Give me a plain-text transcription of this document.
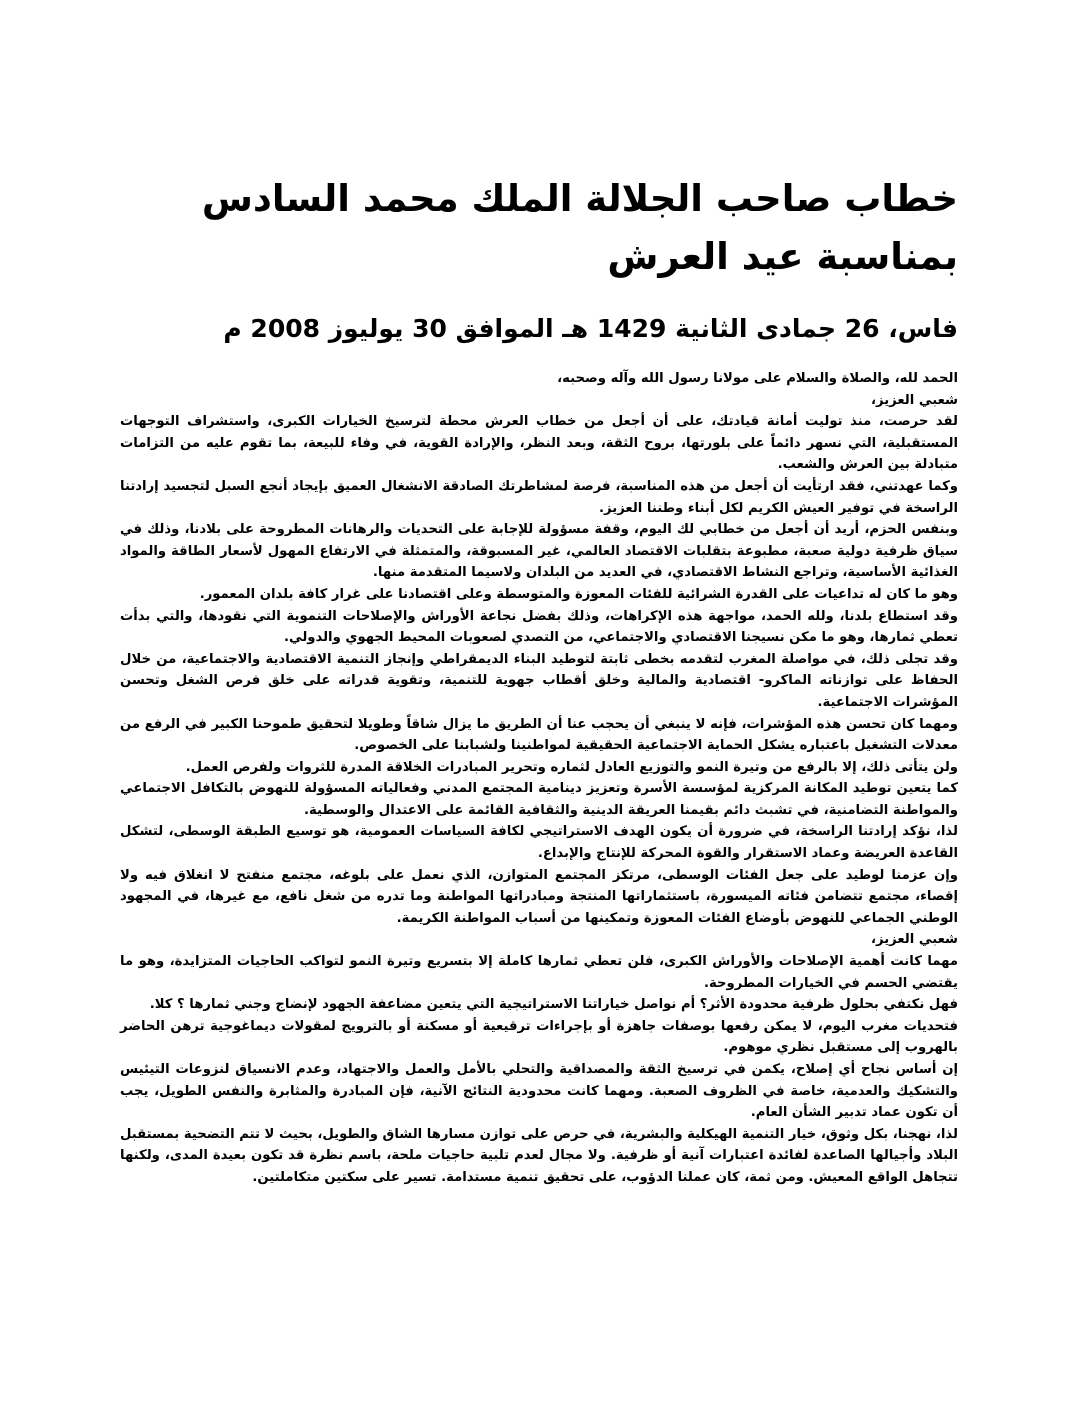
خطاب صاحب الجلالة الملك محمد السادس بمناسبة عيد العرش
فاس، 26 جمادى الثانية 1429 هـ الموافق 30 يوليوز 2008 م

الحمد لله، والصلاة والسلام على مولانا رسول الله وآله وصحبه،

شعبي العزيز،

لقد حرصت، منذ توليت أمانة قيادتك، على أن أجعل من خطاب العرش محطة لترسيخ الخيارات الكبرى، واستشراف التوجهات المستقبلية، التي نسهر دائماً على بلورتها، بروح الثقة، وبعد النظر، والإرادة القوية، في وفاء للبيعة، بما تقوم عليه من التزامات متبادلة بين العرش والشعب.

وكما عهدتني، فقد ارتأيت أن أجعل من هذه المناسبة، فرصة لمشاطرتك الصادقة الانشغال العميق بإيجاد أنجع السبل لتجسيد إرادتنا الراسخة في توفير العيش الكريم لكل أبناء وطننا العزيز.

وبنفس الحزم، أريد أن أجعل من خطابي لك اليوم، وقفة مسؤولة للإجابة على التحديات والرهانات المطروحة على بلادنا، وذلك في سياق ظرفية دولية صعبة، مطبوعة بتقلبات الاقتصاد العالمي، غير المسبوقة، والمتمثلة في الارتفاع المهول لأسعار الطاقة والمواد الغذائية الأساسية، وتراجع النشاط الاقتصادي، في العديد من البلدان ولاسيما المتقدمة منها.

وهو ما كان له تداعيات على القدرة الشرائية للفئات المعوزة والمتوسطة وعلى اقتصادنا على غرار كافة بلدان المعمور.

وقد استطاع بلدنا، ولله الحمد، مواجهة هذه الإكراهات، وذلك بفضل نجاعة الأوراش والإصلاحات التنموية التي نقودها، والتي بدأت تعطي ثمارها، وهو ما مكن نسيجنا الاقتصادي والاجتماعي، من التصدي لصعوبات المحيط الجهوي والدولي.

وقد تجلى ذلك، في مواصلة المغرب لتقدمه بخطى ثابتة لتوطيد البناء الديمقراطي وإنجاز التنمية الاقتصادية والاجتماعية، من خلال الحفاظ على توازناته الماكرو- اقتصادية والمالية وخلق أقطاب جهوية للتنمية، وتقوية قدراته على خلق فرص الشغل وتحسن المؤشرات الاجتماعية.

ومهما كان تحسن هذه المؤشرات، فإنه لا ينبغي أن يحجب عنا أن الطريق ما يزال شاقاً وطويلا لتحقيق طموحنا الكبير في الرفع من معدلات التشغيل باعتباره يشكل الحماية الاجتماعية الحقيقية لمواطنينا ولشبابنا على الخصوص.

ولن يتأتى ذلك، إلا بالرفع من وتيرة النمو والتوزيع العادل لثماره وتحرير المبادرات الخلاقة المدرة للثروات ولفرص العمل.

كما يتعين توطيد المكانة المركزية لمؤسسة الأسرة وتعزيز دينامية المجتمع المدني وفعالياته المسؤولة للنهوض بالتكافل الاجتماعي والمواطنة التضامنية، في تشبث دائم بقيمنا العريقة الدينية والثقافية القائمة على الاعتدال والوسطية.

لذا، نؤكد إرادتنا الراسخة، في ضرورة أن يكون الهدف الاستراتيجي لكافة السياسات العمومية، هو توسيع الطبقة الوسطى، لتشكل القاعدة العريضة وعماد الاستقرار والقوة المحركة للإنتاج والإبداع.

وإن عزمنا لوطيد على جعل الفئات الوسطى، مرتكز المجتمع المتوازن، الذي نعمل على بلوغه، مجتمع منفتح لا انغلاق فيه ولا إقصاء، مجتمع تتضامن فئاته الميسورة، باستثماراتها المنتجة ومبادراتها المواطنة وما تدره من شغل نافع، مع غيرها، في المجهود الوطني الجماعي للنهوض بأوضاع الفئات المعوزة وتمكينها من أسباب المواطنة الكريمة.

شعبي العزيز،

مهما كانت أهمية الإصلاحات والأوراش الكبرى، فلن تعطي ثمارها كاملة إلا بتسريع وتيرة النمو لتواكب الحاجيات المتزايدة، وهو ما يقتضي الحسم في الخيارات المطروحة.

فهل نكتفي بحلول ظرفية محدودة الأثر؟ أم نواصل خياراتنا الاستراتيجية التي يتعين مضاعفة الجهود لإنضاج وجني ثمارها ؟ كلا.

فتحديات مغرب اليوم، لا يمكن رفعها بوصفات جاهزة أو بإجراءات ترقيعية أو مسكنة أو بالترويج لمقولات ديماغوجية ترهن الحاضر بالهروب إلى مستقبل نظري موهوم.

إن أساس نجاح أي إصلاح، يكمن في ترسيخ الثقة والمصداقية والتحلي بالأمل والعمل والاجتهاد، وعدم الانسياق لنزوعات التيئيس والتشكيك والعدمية، خاصة في الظروف الصعبة. ومهما كانت محدودية النتائج الآنية، فإن المبادرة والمثابرة والنفس الطويل، يجب أن تكون عماد تدبير الشأن العام.

لذا، نهجنا، بكل وثوق، خيار التنمية الهيكلية والبشرية، في حرص على توازن مسارها الشاق والطويل، بحيث لا تتم التضحية بمستقبل البلاد وأجيالها الصاعدة لفائدة اعتبارات آنية أو ظرفية. ولا مجال لعدم تلبية حاجيات ملحة، باسم نظرة قد تكون بعيدة المدى، ولكنها تتجاهل الواقع المعيش. ومن ثمة، كان عملنا الدؤوب، على تحقيق تنمية مستدامة. تسير على سكتين متكاملتين.
